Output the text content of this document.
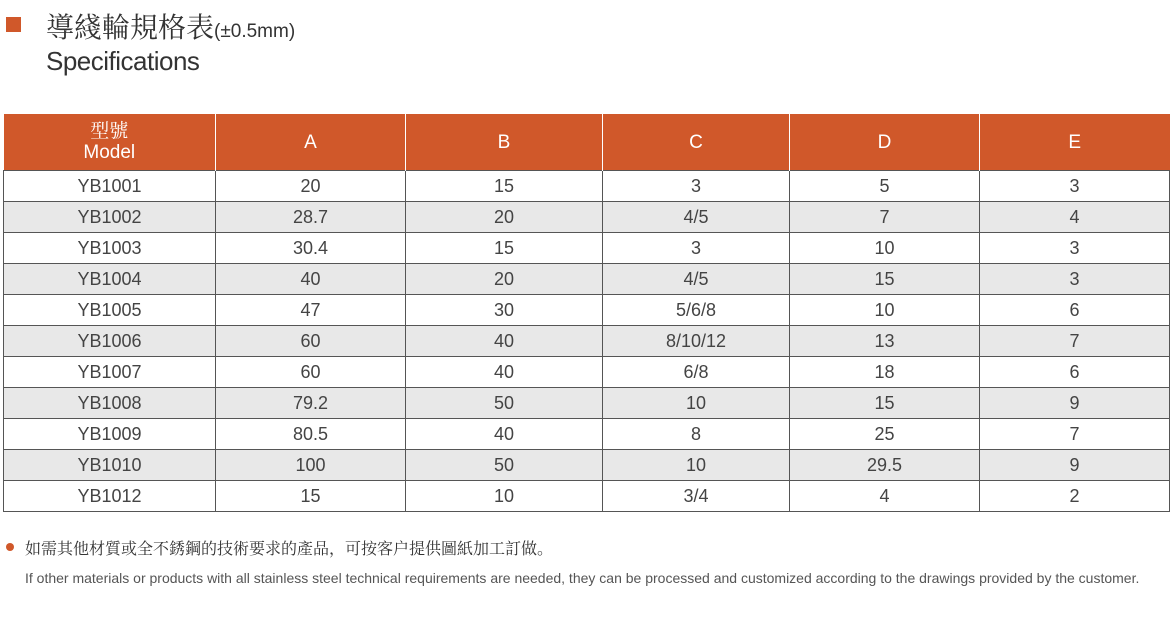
導綫輪規格表(±0.5mm)
Specifications
型號
Model	A	B	C	D	E
YB1001	20	15	3	5	3
YB1002	28.7	20	4/5	7	4
YB1003	30.4	15	3	10	3
YB1004	40	20	4/5	15	3
YB1005	47	30	5/6/8	10	6
YB1006	60	40	8/10/12	13	7
YB1007	60	40	6/8	18	6
YB1008	79.2	50	10	15	9
YB1009	80.5	40	8	25	7
YB1010	100	50	10	29.5	9
YB1012	15	10	3/4	4	2
如需其他材質或全不銹鋼的技術要求的產品，可按客户提供圖紙加工訂做。
If other materials or products with all stainless steel technical requirements are needed, they can be processed and customized according to the drawings provided by the customer.
